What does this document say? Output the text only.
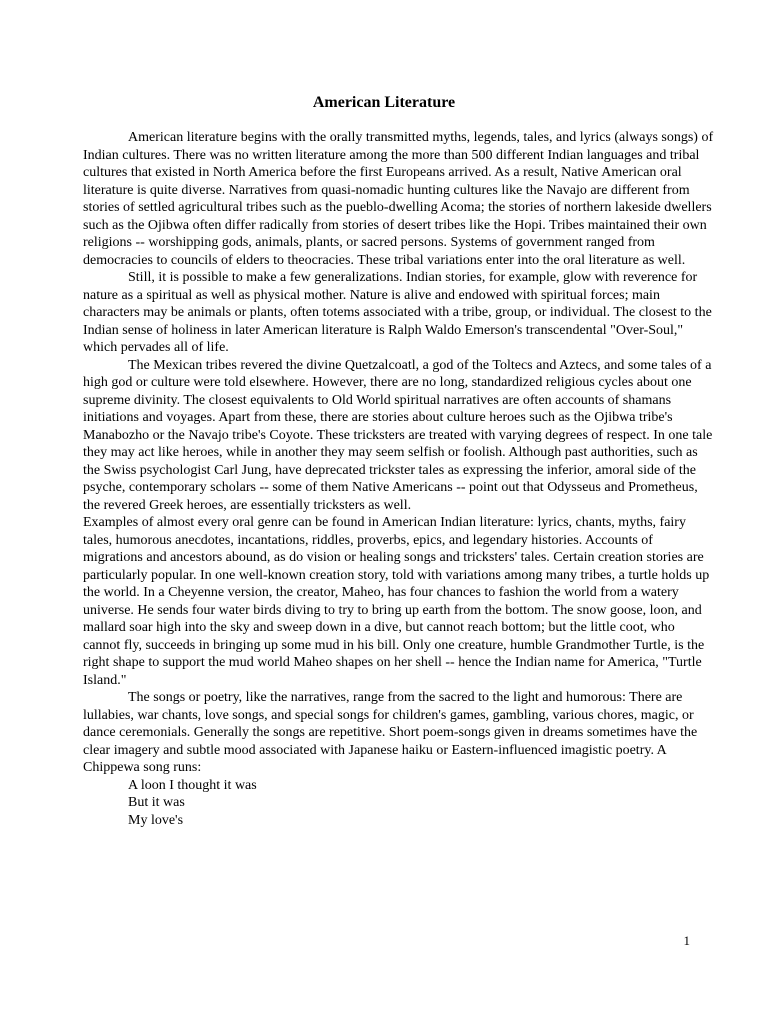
American Literature

American literature begins with the orally transmitted myths, legends, tales, and lyrics (always songs) of Indian cultures. There was no written literature among the more than 500 different Indian languages and tribal cultures that existed in North America before the first Europeans arrived. As a result, Native American oral literature is quite diverse. Narratives from quasi-nomadic hunting cultures like the Navajo are different from stories of settled agricultural tribes such as the pueblo-dwelling Acoma; the stories of northern lakeside dwellers such as the Ojibwa often differ radically from stories of desert tribes like the Hopi. Tribes maintained their own religions -- worshipping gods, animals, plants, or sacred persons. Systems of government ranged from democracies to councils of elders to theocracies. These tribal variations enter into the oral literature as well.

Still, it is possible to make a few generalizations. Indian stories, for example, glow with reverence for nature as a spiritual as well as physical mother. Nature is alive and endowed with spiritual forces; main characters may be animals or plants, often totems associated with a tribe, group, or individual. The closest to the Indian sense of holiness in later American literature is Ralph Waldo Emerson's transcendental "Over-Soul," which pervades all of life.

The Mexican tribes revered the divine Quetzalcoatl, a god of the Toltecs and Aztecs, and some tales of a high god or culture were told elsewhere. However, there are no long, standardized religious cycles about one supreme divinity. The closest equivalents to Old World spiritual narratives are often accounts of shamans initiations and voyages. Apart from these, there are stories about culture heroes such as the Ojibwa tribe's Manabozho or the Navajo tribe's Coyote. These tricksters are treated with varying degrees of respect. In one tale they may act like heroes, while in another they may seem selfish or foolish. Although past authorities, such as the Swiss psychologist Carl Jung, have deprecated trickster tales as expressing the inferior, amoral side of the psyche, contemporary scholars -- some of them Native Americans -- point out that Odysseus and Prometheus, the revered Greek heroes, are essentially tricksters as well.

Examples of almost every oral genre can be found in American Indian literature: lyrics, chants, myths, fairy tales, humorous anecdotes, incantations, riddles, proverbs, epics, and legendary histories. Accounts of migrations and ancestors abound, as do vision or healing songs and tricksters' tales. Certain creation stories are particularly popular. In one well-known creation story, told with variations among many tribes, a turtle holds up the world. In a Cheyenne version, the creator, Maheo, has four chances to fashion the world from a watery universe. He sends four water birds diving to try to bring up earth from the bottom. The snow goose, loon, and mallard soar high into the sky and sweep down in a dive, but cannot reach bottom; but the little coot, who cannot fly, succeeds in bringing up some mud in his bill. Only one creature, humble Grandmother Turtle, is the right shape to support the mud world Maheo shapes on her shell -- hence the Indian name for America, "Turtle Island."

The songs or poetry, like the narratives, range from the sacred to the light and humorous: There are lullabies, war chants, love songs, and special songs for children's games, gambling, various chores, magic, or dance ceremonials. Generally the songs are repetitive. Short poem-songs given in dreams sometimes have the clear imagery and subtle mood associated with Japanese haiku or Eastern-influenced imagistic poetry. A Chippewa song runs:

A loon I thought it was
But it was
My love's
1
